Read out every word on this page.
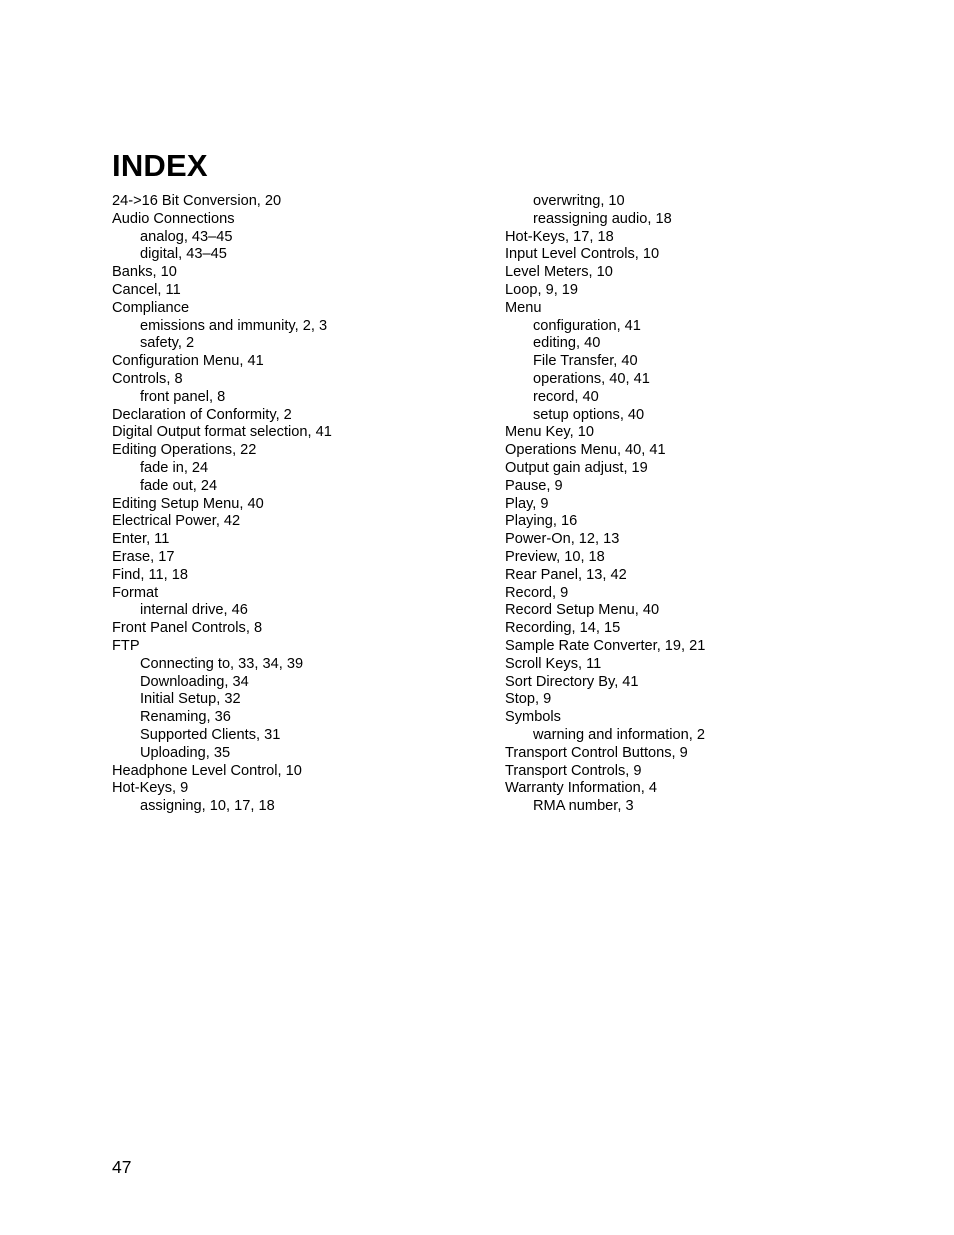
INDEX
24->16 Bit Conversion, 20
Audio Connections
analog, 43–45
digital, 43–45
Banks, 10
Cancel, 11
Compliance
emissions and immunity, 2, 3
safety, 2
Configuration Menu, 41
Controls, 8
front panel, 8
Declaration of Conformity, 2
Digital Output format selection, 41
Editing Operations, 22
fade in, 24
fade out, 24
Editing Setup Menu, 40
Electrical Power, 42
Enter, 11
Erase, 17
Find, 11, 18
Format
internal drive, 46
Front Panel Controls, 8
FTP
Connecting to, 33, 34, 39
Downloading, 34
Initial Setup, 32
Renaming, 36
Supported Clients, 31
Uploading, 35
Headphone Level Control, 10
Hot-Keys, 9
assigning, 10, 17, 18
overwritng, 10
reassigning audio, 18
Hot-Keys, 17, 18
Input Level Controls, 10
Level Meters, 10
Loop, 9, 19
Menu
configuration, 41
editing, 40
File Transfer, 40
operations, 40, 41
record, 40
setup options, 40
Menu Key, 10
Operations Menu, 40, 41
Output gain adjust, 19
Pause, 9
Play, 9
Playing, 16
Power-On, 12, 13
Preview, 10, 18
Rear Panel, 13, 42
Record, 9
Record Setup Menu, 40
Recording, 14, 15
Sample Rate Converter, 19, 21
Scroll Keys, 11
Sort Directory By, 41
Stop, 9
Symbols
warning and information, 2
Transport Control Buttons, 9
Transport Controls, 9
Warranty Information, 4
RMA number, 3
47
